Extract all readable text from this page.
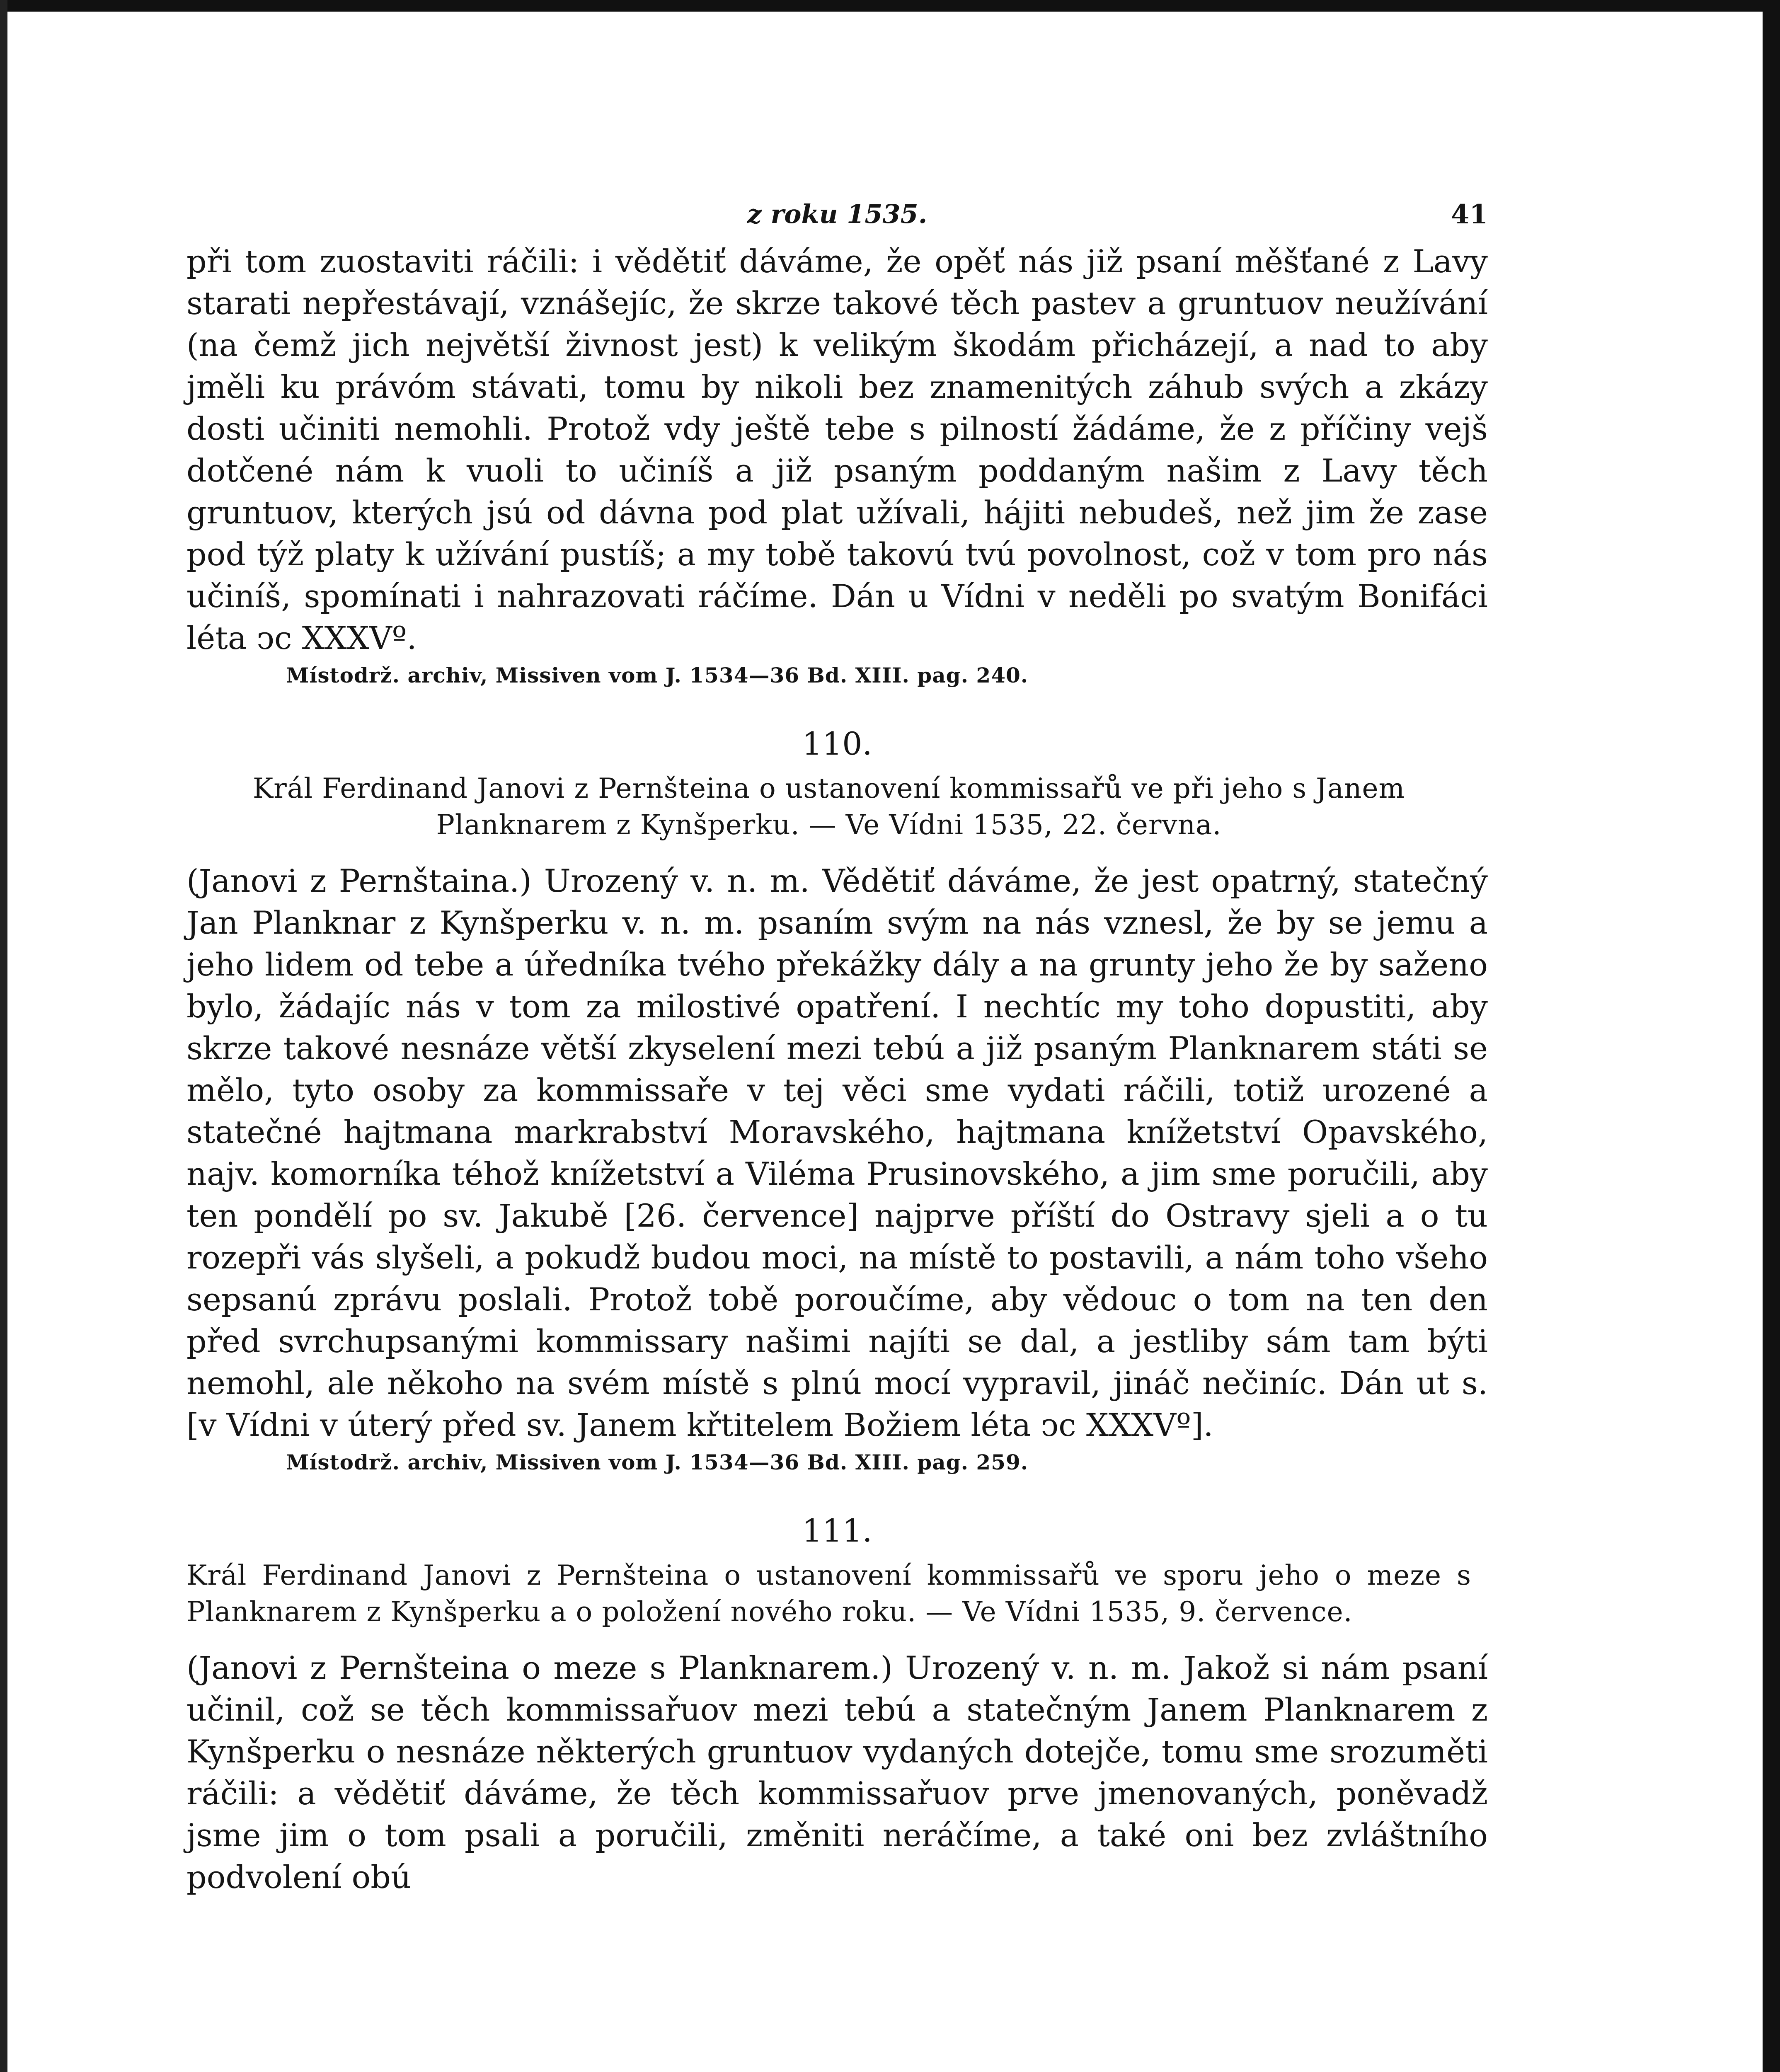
z roku 1535.	41

při tom zuostaviti ráčili: i vědětiť dáváme, že opěť nás již psaní měšťané z Lavy starati nepřestávají, vznášejíc, že skrze takové těch pastev a gruntuov neužívání (na čemž jich největší živnost jest) k velikým škodám přicházejí, a nad to aby jměli ku právóm stávati, tomu by nikoli bez znamenitých záhub svých a zkázy dosti učiniti nemohli. Protož vdy ještě tebe s pilností žádáme, že z příčiny vejš dotčené nám k vuoli to učiníš a již psaným poddaným našim z Lavy těch gruntuov, kterých jsú od dávna pod plat užívali, hájiti nebudeš, než jim že zase pod týž platy k užívání pustíš; a my tobě takovú tvú povolnost, což v tom pro nás učiníš, spomínati i nahrazovati ráčíme. Dán u Vídni v neděli po svatým Bonifáci léta ͻc XXXVº.

Místodrž. archiv, Missiven vom J. 1534—36 Bd. XIII. pag. 240.

110.

Král Ferdinand Janovi z Pernšteina o ustanovení kommissařů ve při jeho s Janem Planknarem z Kynšperku. — Ve Vídni 1535, 22. června.

(Janovi z Pernštaina.) Urozený v. n. m. Vědětiť dáváme, že jest opatrný, statečný Jan Planknar z Kynšperku v. n. m. psaním svým na nás vznesl, že by se jemu a jeho lidem od tebe a úředníka tvého překážky dály a na grunty jeho že by saženo bylo, žádajíc nás v tom za milostivé opatření. I nechtíc my toho dopustiti, aby skrze takové nesnáze větší zkyselení mezi tebú a již psaným Planknarem státi se mělo, tyto osoby za kommissaře v tej věci sme vydati ráčili, totiž urozené a statečné hajtmana markrabství Moravského, hajtmana knížetství Opavského, najv. komorníka téhož knížetství a Viléma Prusinovského, a jim sme poručili, aby ten pondělí po sv. Jakubě [26. července] najprve příští do Ostravy sjeli a o tu rozepři vás slyšeli, a pokudž budou moci, na místě to postavili, a nám toho všeho sepsanú zprávu poslali. Protož tobě poroučíme, aby vědouc o tom na ten den před svrchupsanými kommissary našimi najíti se dal, a jestliby sám tam býti nemohl, ale někoho na svém místě s plnú mocí vypravil, jináč nečiníc. Dán ut s. [v Vídni v úterý před sv. Janem křtitelem Božiem léta ͻc XXXVº].

Místodrž. archiv, Missiven vom J. 1534—36 Bd. XIII. pag. 259.

111.

Král Ferdinand Janovi z Pernšteina o ustanovení kommissařů ve sporu jeho o meze s Planknarem z Kynšperku a o položení nového roku. — Ve Vídni 1535, 9. července.

(Janovi z Pernšteina o meze s Planknarem.) Urozený v. n. m. Jakož si nám psaní učinil, což se těch kommissařuov mezi tebú a statečným Janem Planknarem z Kynšperku o nesnáze některých gruntuov vydaných dotejče, tomu sme srozuměti ráčili: a vědětiť dáváme, že těch kommissařuov prve jmenovaných, poněvadž jsme jim o tom psali a poručili, změniti neráčíme, a také oni bez zvláštního podvolení obú
